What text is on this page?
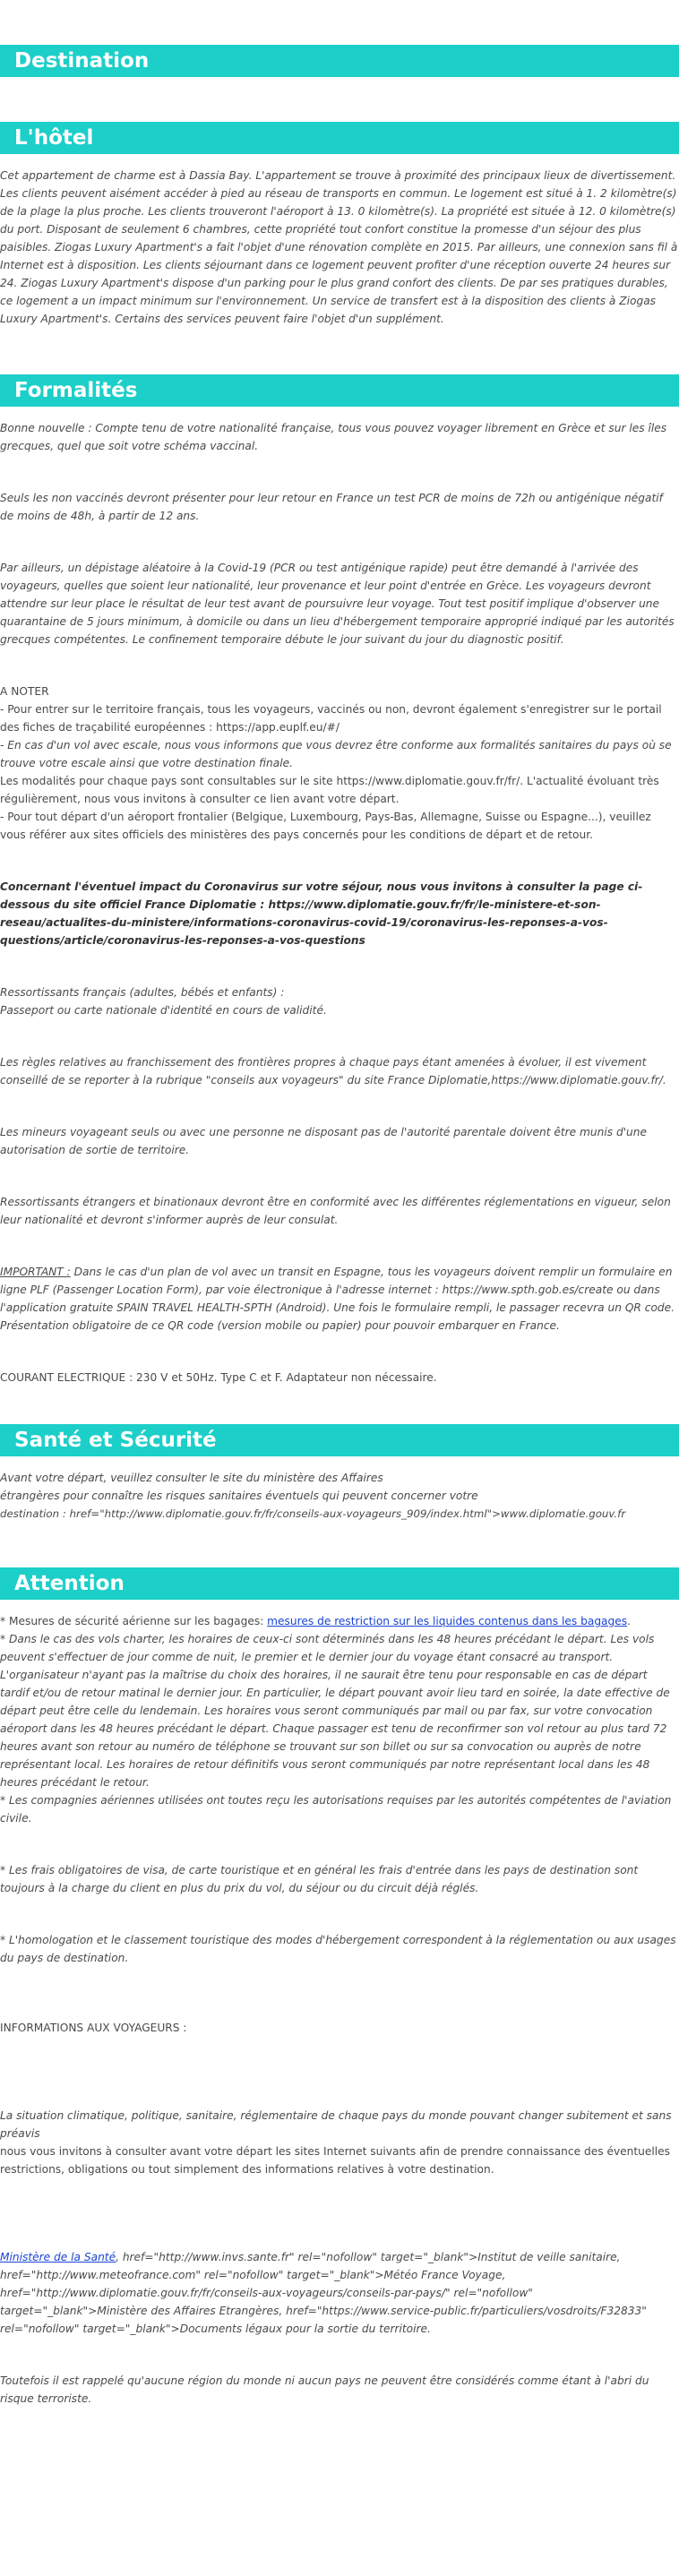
Destination
L'hôtel

Cet appartement de charme est à Dassia Bay. L'appartement se trouve à proximité des principaux lieux de divertissement. Les clients peuvent aisément accéder à pied au réseau de transports en commun. Le logement est situé à 1. 2 kilomètre(s) de la plage la plus proche. Les clients trouveront l'aéroport à 13. 0 kilomètre(s). La propriété est située à 12. 0 kilomètre(s) du port. Disposant de seulement 6 chambres, cette propriété tout confort constitue la promesse d'un séjour des plus paisibles. Ziogas Luxury Apartment's a fait l'objet d'une rénovation complète en 2015. Par ailleurs, une connexion sans fil à Internet est à disposition. Les clients séjournant dans ce logement peuvent profiter d'une réception ouverte 24 heures sur 24. Ziogas Luxury Apartment's dispose d'un parking pour le plus grand confort des clients. De par ses pratiques durables, ce logement a un impact minimum sur l'environnement. Un service de transfert est à la disposition des clients à Ziogas Luxury Apartment's. Certains des services peuvent faire l'objet d'un supplément.

Formalités

Bonne nouvelle : Compte tenu de votre nationalité française, tous vous pouvez voyager librement en Grèce et sur les îles grecques, quel que soit votre schéma vaccinal.

Seuls les non vaccinés devront présenter pour leur retour en France un test PCR de moins de 72h ou antigénique négatif de moins de 48h, à partir de 12 ans.

Par ailleurs, un dépistage aléatoire à la Covid-19 (PCR ou test antigénique rapide) peut être demandé à l'arrivée des voyageurs, quelles que soient leur nationalité, leur provenance et leur point d'entrée en Grèce. Les voyageurs devront attendre sur leur place le résultat de leur test avant de poursuivre leur voyage. Tout test positif implique d'observer une quarantaine de 5 jours minimum, à domicile ou dans un lieu d'hébergement temporaire approprié indiqué par les autorités grecques compétentes. Le confinement temporaire débute le jour suivant du jour du diagnostic positif.

A NOTER

- Pour entrer sur le territoire français, tous les voyageurs, vaccinés ou non, devront également s'enregistrer sur le portail des fiches de traçabilité européennes : https://app.euplf.eu/#/

- En cas d'un vol avec escale, nous vous informons que vous devrez être conforme aux formalités sanitaires du pays où se trouve votre escale ainsi que votre destination finale.

Les modalités pour chaque pays sont consultables sur le site https://www.diplomatie.gouv.fr/fr/. L'actualité évoluant très régulièrement, nous vous invitons à consulter ce lien avant votre départ.

- Pour tout départ d'un aéroport frontalier (Belgique, Luxembourg, Pays-Bas, Allemagne, Suisse ou Espagne...), veuillez vous référer aux sites officiels des ministères des pays concernés pour les conditions de départ et de retour.

Concernant l'éventuel impact du Coronavirus sur votre séjour, nous vous invitons à consulter la page ci-dessous du site officiel France Diplomatie : https://www.diplomatie.gouv.fr/fr/le-ministere-et-son-reseau/actualites-du-ministere/informations-coronavirus-covid-19/coronavirus-les-reponses-a-vos-questions/article/coronavirus-les-reponses-a-vos-questions

Ressortissants français (adultes, bébés et enfants) :

Passeport ou carte nationale d'identité en cours de validité.

Les règles relatives au franchissement des frontières propres à chaque pays étant amenées à évoluer, il est vivement conseillé de se reporter à la rubrique "conseils aux voyageurs" du site France Diplomatie,https://www.diplomatie.gouv.fr/.

Les mineurs voyageant seuls ou avec une personne ne disposant pas de l'autorité parentale doivent être munis d'une autorisation de sortie de territoire.

Ressortissants étrangers et binationaux devront être en conformité avec les différentes réglementations en vigueur, selon leur nationalité et devront s'informer auprès de leur consulat.

IMPORTANT : Dans le cas d'un plan de vol avec un transit en Espagne, tous les voyageurs doivent remplir un formulaire en ligne PLF (Passenger Location Form), par voie électronique à l'adresse internet : https://www.spth.gob.es/create ou dans l'application gratuite SPAIN TRAVEL HEALTH-SPTH (Android). Une fois le formulaire rempli, le passager recevra un QR code. Présentation obligatoire de ce QR code (version mobile ou papier) pour pouvoir embarquer en France.

COURANT ELECTRIQUE : 230 V et 50Hz. Type C et F. Adaptateur non nécessaire.

Santé et Sécurité

Avant votre départ, veuillez consulter le site du ministère des Affaires

étrangères pour connaître les risques sanitaires éventuels qui peuvent concerner votre

destination : href="http://www.diplomatie.gouv.fr/fr/conseils-aux-voyageurs_909/index.html">www.diplomatie.gouv.fr

Attention

* Mesures de sécurité aérienne sur les bagages: mesures de restriction sur les liquides contenus dans les bagages.

* Dans le cas des vols charter, les horaires de ceux-ci sont déterminés dans les 48 heures précédant le départ. Les vols peuvent s'effectuer de jour comme de nuit, le premier et le dernier jour du voyage étant consacré au transport. L'organisateur n'ayant pas la maîtrise du choix des horaires, il ne saurait être tenu pour responsable en cas de départ tardif et/ou de retour matinal le dernier jour. En particulier, le départ pouvant avoir lieu tard en soirée, la date effective de départ peut être celle du lendemain. Les horaires vous seront communiqués par mail ou par fax, sur votre convocation aéroport dans les 48 heures précédant le départ. Chaque passager est tenu de reconfirmer son vol retour au plus tard 72 heures avant son retour au numéro de téléphone se trouvant sur son billet ou sur sa convocation ou auprès de notre représentant local. Les horaires de retour définitifs vous seront communiqués par notre représentant local dans les 48 heures précédant le retour.

* Les compagnies aériennes utilisées ont toutes reçu les autorisations requises par les autorités compétentes de l'aviation civile.

* Les frais obligatoires de visa, de carte touristique et en général les frais d'entrée dans les pays de destination sont toujours à la charge du client en plus du prix du vol, du séjour ou du circuit déjà réglés.

* L'homologation et le classement touristique des modes d'hébergement correspondent à la réglementation ou aux usages du pays de destination.

INFORMATIONS AUX VOYAGEURS :

La situation climatique, politique, sanitaire, réglementaire de chaque pays du monde pouvant changer subitement et sans préavis

nous vous invitons à consulter avant votre départ les sites Internet suivants afin de prendre connaissance des éventuelles restrictions, obligations ou tout simplement des informations relatives à votre destination.

Ministère de la Santé, href="http://www.invs.sante.fr" rel="nofollow" target="_blank">Institut de veille sanitaire, href="http://www.meteofrance.com" rel="nofollow" target="_blank">Météo France Voyage, href="http://www.diplomatie.gouv.fr/fr/conseils-aux-voyageurs/conseils-par-pays/" rel="nofollow" target="_blank">Ministère des Affaires Etrangères, href="https://www.service-public.fr/particuliers/vosdroits/F32833" rel="nofollow" target="_blank">Documents légaux pour la sortie du territoire.

Toutefois il est rappelé qu'aucune région du monde ni aucun pays ne peuvent être considérés comme étant à l'abri du risque terroriste.
